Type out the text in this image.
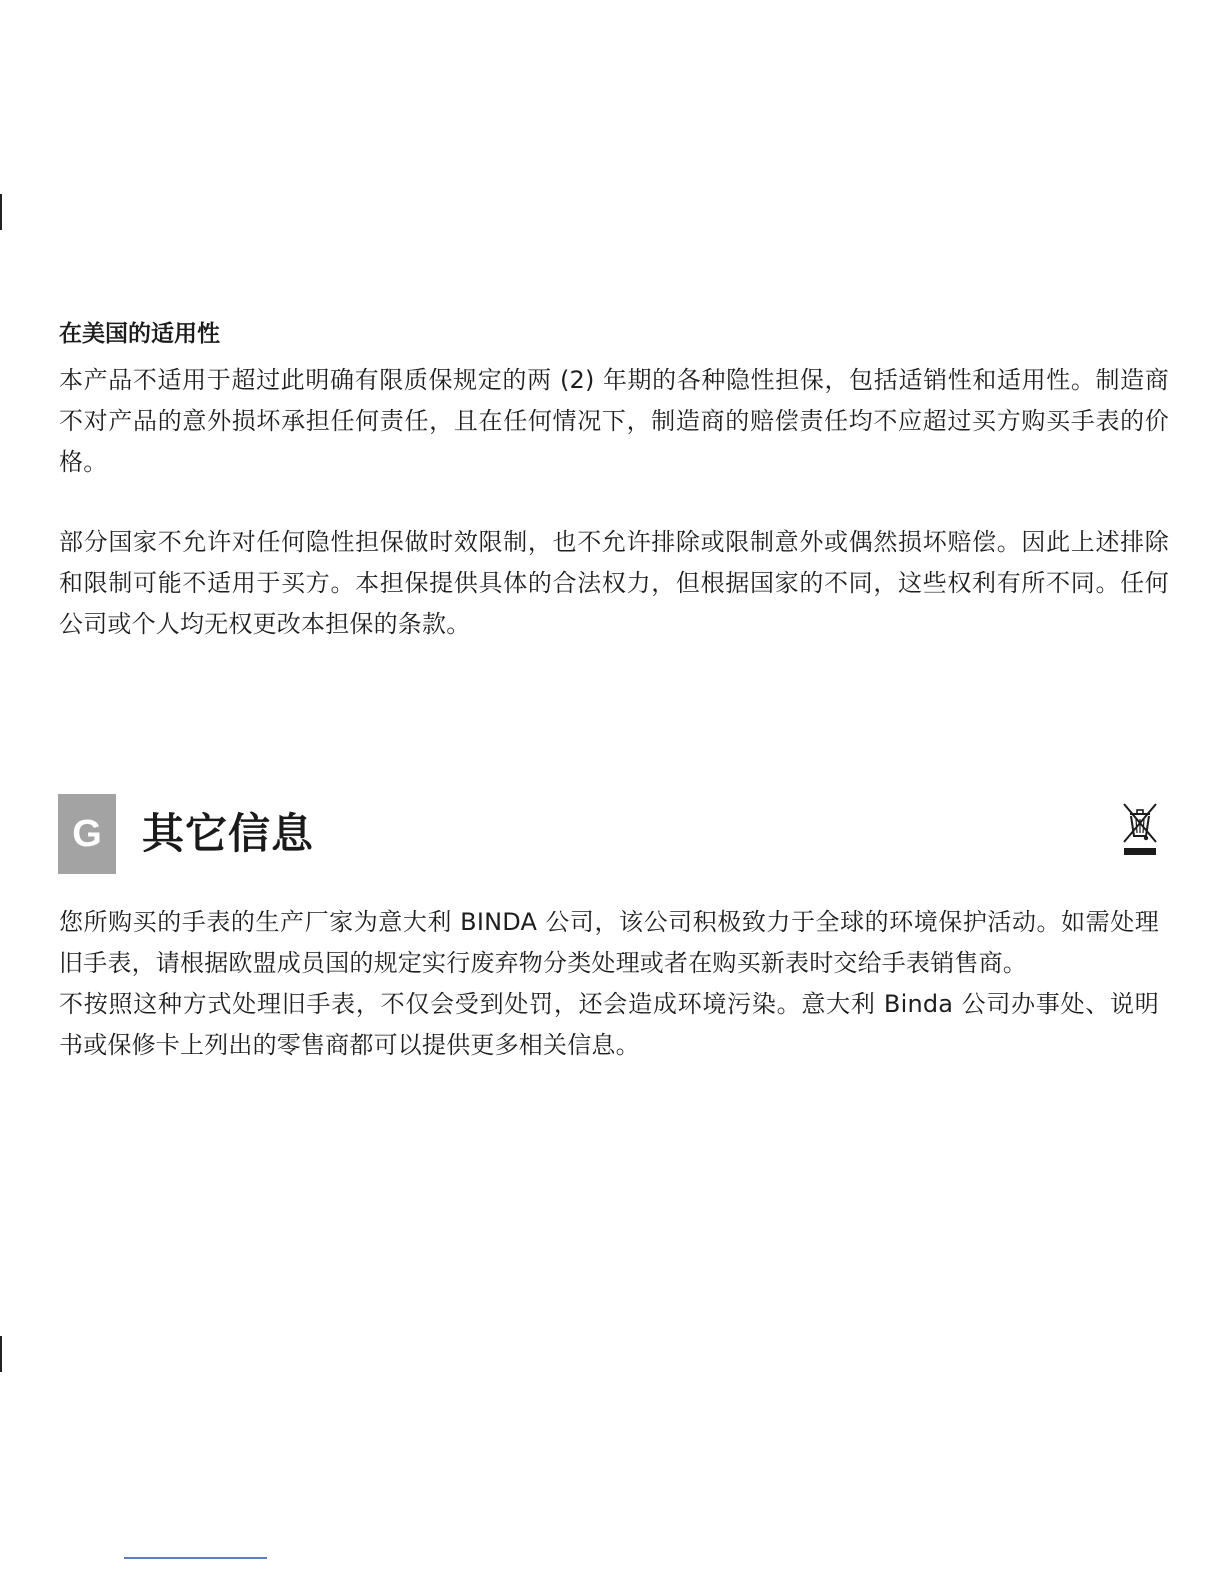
在美国的适用性

本产品不适用于超过此明确有限质保规定的两 (2) 年期的各种隐性担保，包括适销性和适用性。制造商不对产品的意外损坏承担任何责任，且在任何情况下，制造商的赔偿责任均不应超过买方购买手表的价格。

部分国家不允许对任何隐性担保做时效限制，也不允许排除或限制意外或偶然损坏赔偿。因此上述排除和限制可能不适用于买方。本担保提供具体的合法权力，但根据国家的不同，这些权利有所不同。任何公司或个人均无权更改本担保的条款。

G 其它信息

您所购买的手表的生产厂家为意大利 BINDA 公司，该公司积极致力于全球的环境保护活动。如需处理旧手表，请根据欧盟成员国的规定实行废弃物分类处理或者在购买新表时交给手表销售商。

不按照这种方式处理旧手表，不仅会受到处罚，还会造成环境污染。意大利 Binda 公司办事处、说明书或保修卡上列出的零售商都可以提供更多相关信息。
